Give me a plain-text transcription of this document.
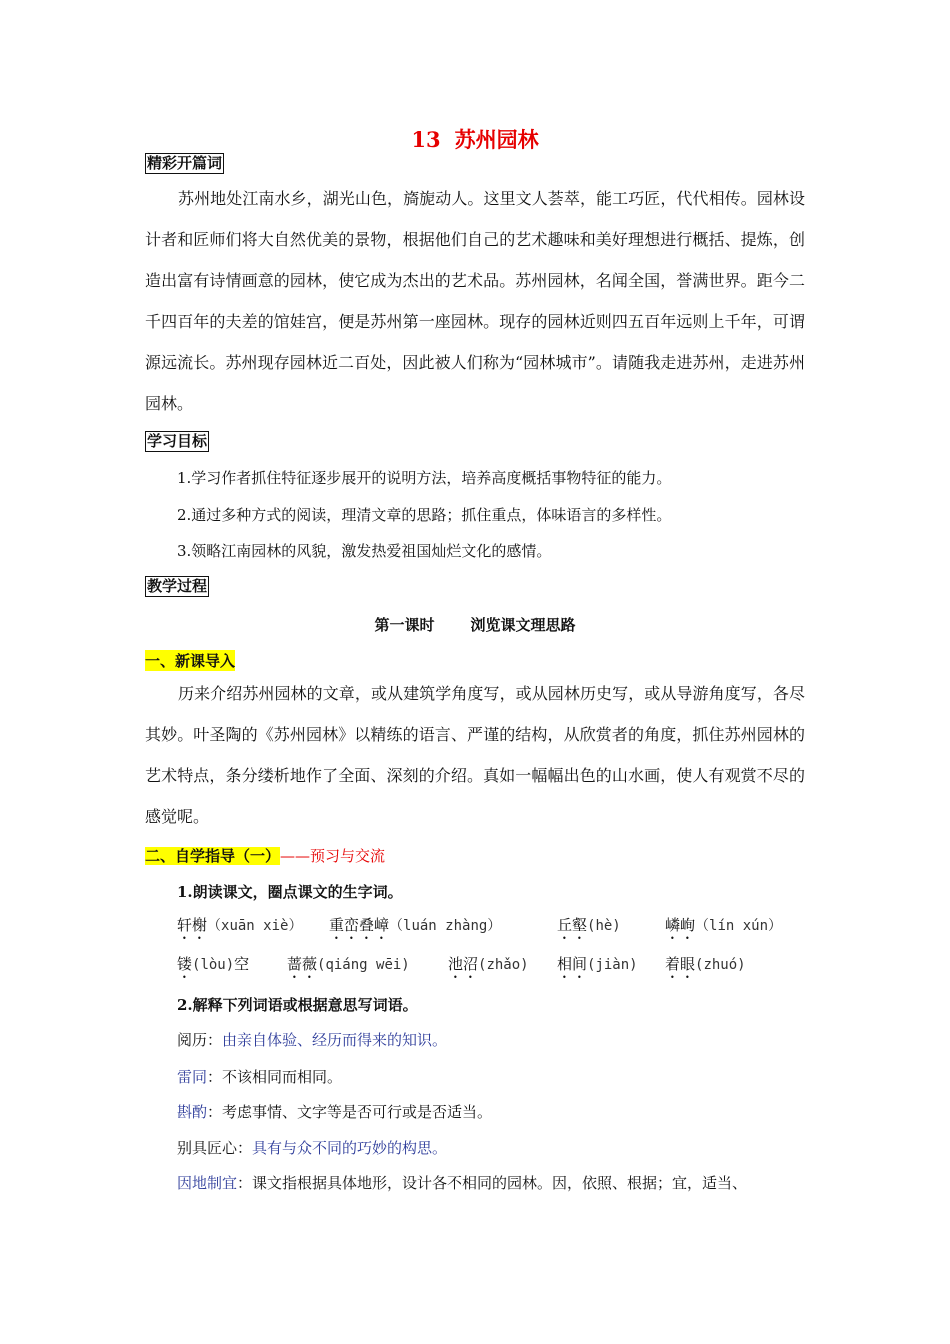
13 苏州园林
精彩开篇词
苏州地处江南水乡，湖光山色，旖旎动人。这里文人荟萃，能工巧匠，代代相传。园林设计者和匠师们将大自然优美的景物，根据他们自己的艺术趣味和美好理想进行概括、提炼，创造出富有诗情画意的园林，使它成为杰出的艺术品。苏州园林，名闻全国，誉满世界。距今二千四百年的夫差的馆娃宫，便是苏州第一座园林。现存的园林近则四五百年远则上千年，可谓源远流长。苏州现存园林近二百处，因此被人们称为“园林城市”。请随我走进苏州，走进苏州园林。
学习目标
1.学习作者抓住特征逐步展开的说明方法，培养高度概括事物特征的能力。
2.通过多种方式的阅读，理清文章的思路；抓住重点，体味语言的多样性。
3.领略江南园林的风貌，激发热爱祖国灿烂文化的感情。
教学过程
第一课时 浏览课文理思路
一、新课导入
历来介绍苏州园林的文章，或从建筑学角度写，或从园林历史写，或从导游角度写，各尽其妙。叶圣陶的《苏州园林》以精练的语言、严谨的结构，从欣赏者的角度，抓住苏州园林的艺术特点，条分缕析地作了全面、深刻的介绍。真如一幅幅出色的山水画，使人有观赏不尽的感觉呢。
二、自学指导（一）——预习与交流
1.朗读课文，圈点课文的生字词。
轩榭（xuān xiè） 重峦叠嶂（luán zhàng）	丘壑(hè)	嶙峋（lín xún）
镂(lòu)空	蔷薇(qiáng wēi)	池沼(zhǎo) 相间(jiàn) 着眼(zhuó)
2.解释下列词语或根据意思写词语。
阅历：由亲自体验、经历而得来的知识。
雷同：不该相同而相同。
斟酌：考虑事情、文字等是否可行或是否适当。
别具匠心：具有与众不同的巧妙的构思。
因地制宜：课文指根据具体地形，设计各不相同的园林。因，依照、根据；宜，适当、
